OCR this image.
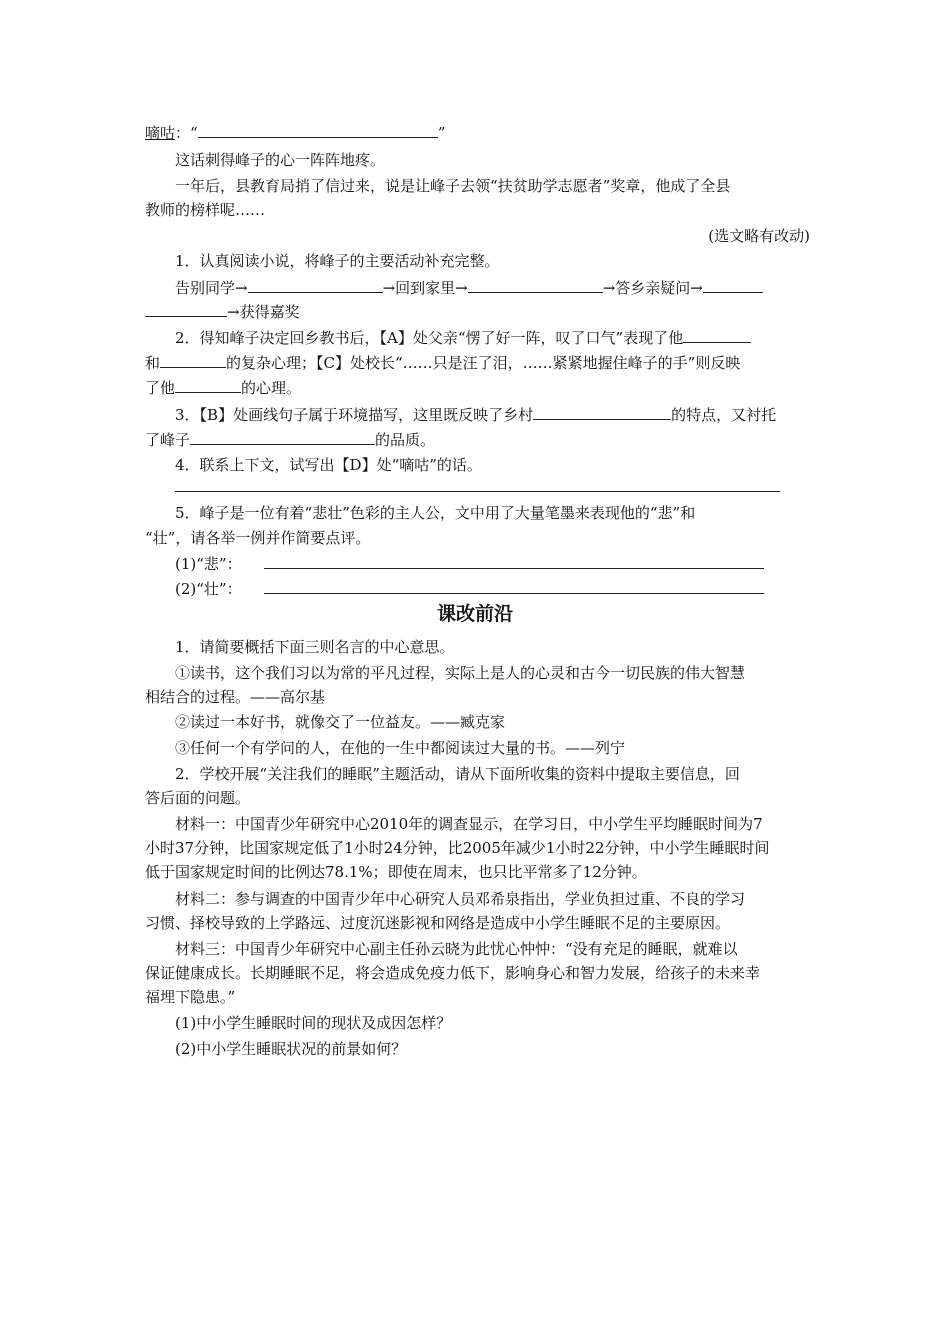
嘀咕：“	”
这话刺得峰子的心一阵阵地疼。
一年后，县教育局捎了信过来，说是让峰子去领“扶贫助学志愿者”奖章，他成了全县
教师的榜样呢……
(选文略有改动)
1．认真阅读小说，将峰子的主要活动补充完整。
告别同学→	→回到家里→	→答乡亲疑问→
→获得嘉奖
2．得知峰子决定回乡教书后，【A】处父亲“愣了好一阵，叹了口气”表现了他
和	的复杂心理；【C】处校长“……只是汪了泪，……紧紧地握住峰子的手”则反映
了他	的心理。
3．【B】处画线句子属于环境描写，这里既反映了乡村	的特点，又衬托
了峰子	的品质。
4．联系上下文，试写出【D】处“嘀咕”的话。
5．峰子是一位有着“悲壮”色彩的主人公，文中用了大量笔墨来表现他的“悲”和
“壮”，请各举一例并作简要点评。
(1)“悲”：
(2)“壮”：
课改前沿
1．请简要概括下面三则名言的中心意思。
①读书，这个我们习以为常的平凡过程，实际上是人的心灵和古今一切民族的伟大智慧
相结合的过程。——高尔基
②读过一本好书，就像交了一位益友。——臧克家
③任何一个有学问的人，在他的一生中都阅读过大量的书。——列宁
2．学校开展“关注我们的睡眠”主题活动，请从下面所收集的资料中提取主要信息，回
答后面的问题。
材料一：中国青少年研究中心2010年的调查显示，在学习日，中小学生平均睡眠时间为7
小时37分钟，比国家规定低了1小时24分钟，比2005年减少1小时22分钟，中小学生睡眠时间
低于国家规定时间的比例达78.1%；即使在周末，也只比平常多了12分钟。
材料二：参与调查的中国青少年中心研究人员邓希泉指出，学业负担过重、不良的学习
习惯、择校导致的上学路远、过度沉迷影视和网络是造成中小学生睡眠不足的主要原因。
材料三：中国青少年研究中心副主任孙云晓为此忧心忡忡：“没有充足的睡眠，就难以
保证健康成长。长期睡眠不足，将会造成免疫力低下，影响身心和智力发展，给孩子的未来幸
福埋下隐患。”
(1)中小学生睡眠时间的现状及成因怎样？
(2)中小学生睡眠状况的前景如何？
